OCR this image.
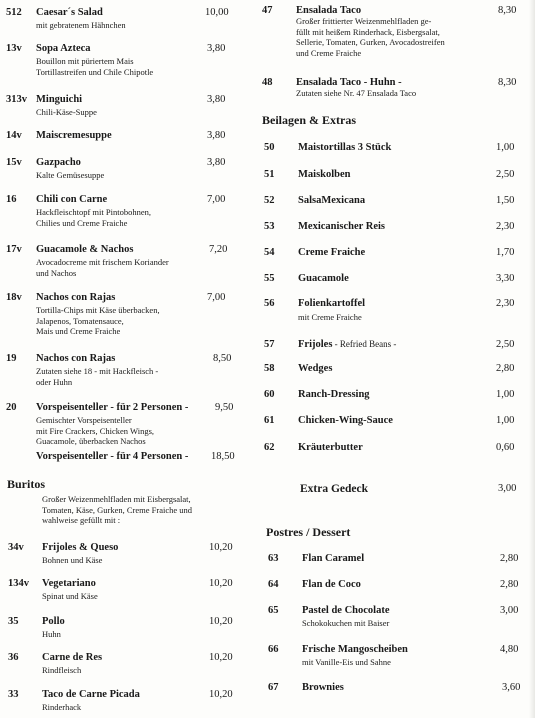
512 Caesar´s Salad	10,00
mit gebratenem Hähnchen
13v Sopa Azteca	3,80
Bouillon mit püriertem Mais
Tortillastreifen und Chile Chipotle
313v Minguichi	3,80
Chili-Käse-Suppe
14v Maiscremesuppe	3,80
15v Gazpacho	3,80
Kalte Gemüsesuppe
16 Chili con Carne	7,00
Hackfleischtopf mit Pintobohnen,
Chilies und Creme Fraiche
17v Guacamole & Nachos	7,20
Avocadocreme mit frischem Koriander
und Nachos
18v Nachos con Rajas	7,00
Tortilla-Chips mit Käse überbacken,
Jalapenos, Tomatensauce,
Mais und Creme Fraiche
19 Nachos con Rajas	8,50
Zutaten siehe 18 - mit Hackfleisch -
oder Huhn
20 Vorspeisenteller - für 2 Personen -	9,50
Gemischter Vorspeisenteller
mit Fire Crackers, Chicken Wings,
Guacamole, überbacken Nachos
Vorspeisenteller - für 4 Personen - 18,50
Buritos
Großer Weizenmehlfladen mit Eisbergsalat,
Tomaten, Käse, Gurken, Creme Fraiche und
wahlweise gefüllt mit :
34v Frijoles & Queso	10,20
Bohnen und Käse
134v Vegetariano	10,20
Spinat und Käse
35 Pollo	10,20
Huhn
36 Carne de Res	10,20
Rindfleisch
33 Taco de Carne Picada	10,20
Rinderhack
47 Ensalada Taco	8,30
Großer frittierter Weizenmehlfladen ge-
füllt mit heißem Rinderhack, Eisbergsalat,
Sellerie, Tomaten, Gurken, Avocadostreifen
und Creme Fraiche
48 Ensalada Taco - Huhn -	8,30
Zutaten siehe Nr. 47 Ensalada Taco
Beilagen & Extras
50 Maistortillas 3 Stück	1,00
51 Maiskolben	2,50
52 SalsaMexicana	1,50
53 Mexicanischer Reis	2,30
54 Creme Fraiche	1,70
55 Guacamole	3,30
56 Folienkartoffel	2,30
mit Creme Fraiche
57 Frijoles - Refried Beans -	2,50
58 Wedges	2,80
60 Ranch-Dressing	1,00
61 Chicken-Wing-Sauce	1,00
62 Kräuterbutter	0,60
Extra Gedeck	3,00
Postres / Dessert
63 Flan Caramel	2,80
64 Flan de Coco	2,80
65 Pastel de Chocolate	3,00
Schokokuchen mit Baiser
66 Frische Mangoscheiben	4,80
mit Vanille-Eis und Sahne
67 Brownies	3,60
